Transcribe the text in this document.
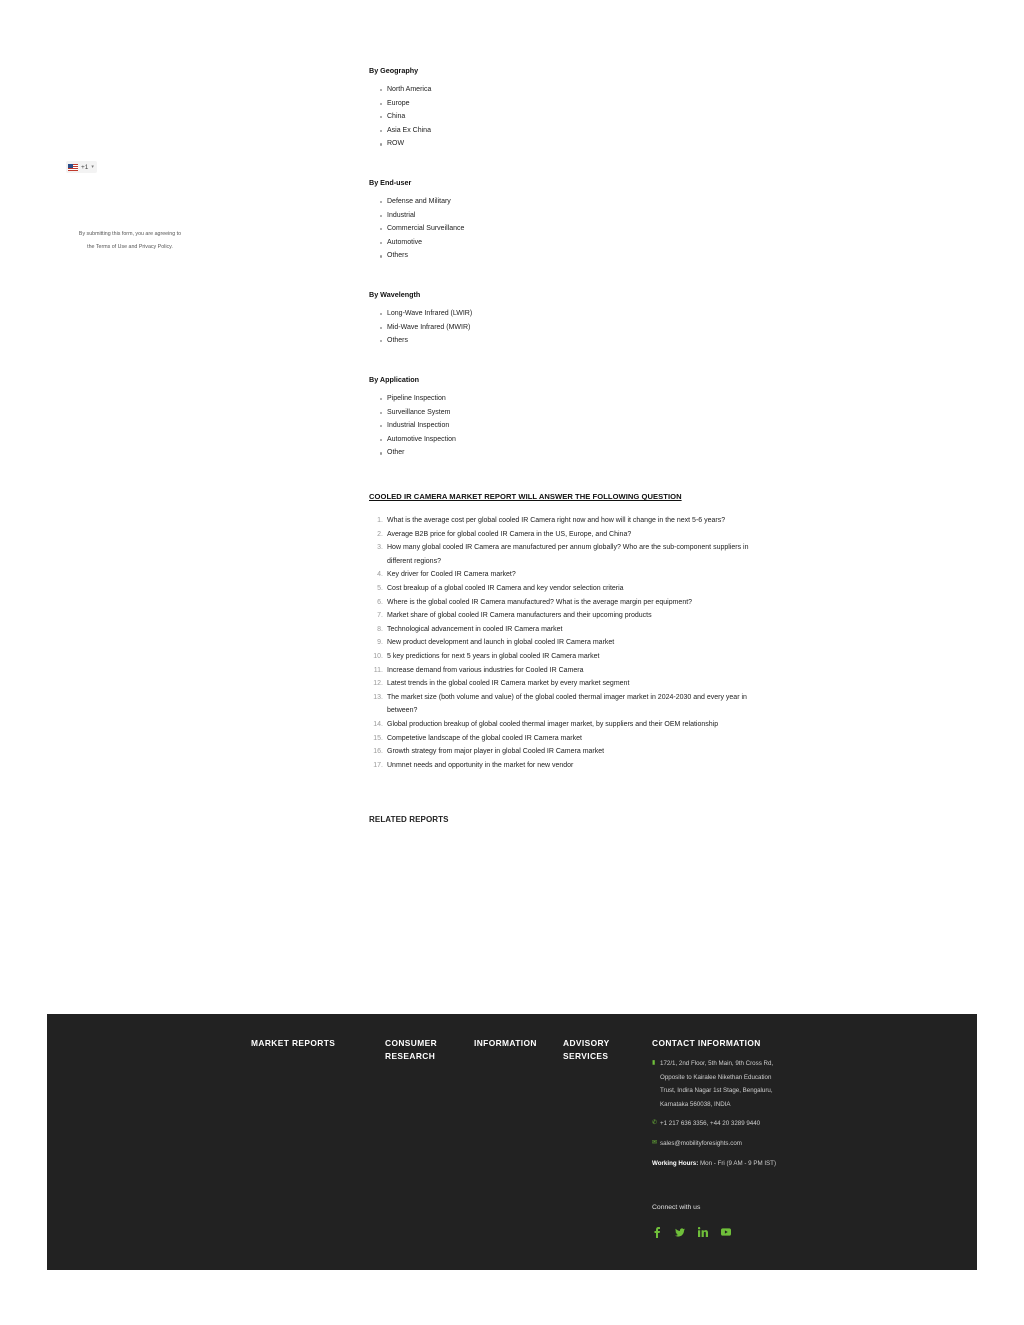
+1 ▾
By submitting this form, you are agreeing to
the Terms of Use and Privacy Policy.
By Geography
North America
Europe
China
Asia Ex China
ROW
By End-user
Defense and Military
Industrial
Commercial Surveillance
Automotive
Others
By Wavelength
Long-Wave Infrared (LWIR)
Mid-Wave Infrared (MWIR)
Others
By Application
Pipeline Inspection
Surveillance System
Industrial Inspection
Automotive Inspection
Other
COOLED IR CAMERA MARKET REPORT WILL ANSWER THE FOLLOWING QUESTION
1. What is the average cost per global cooled IR Camera right now and how will it change in the next 5-6 years?
2. Average B2B price for global cooled IR Camera in the US, Europe, and China?
3. How many global cooled IR Camera are manufactured per annum globally? Who are the sub-component suppliers in different regions?
4. Key driver for Cooled IR Camera market?
5. Cost breakup of a global cooled IR Camera and key vendor selection criteria
6. Where is the global cooled IR Camera manufactured? What is the average margin per equipment?
7. Market share of global cooled IR Camera manufacturers and their upcoming products
8. Technological advancement in cooled IR Camera market
9. New product development and launch in global cooled IR Camera market
10. 5 key predictions for next 5 years in global cooled IR Camera market
11. Increase demand from various industries for Cooled IR Camera
12. Latest trends in the global cooled IR Camera market by every market segment
13. The market size (both volume and value) of the global cooled thermal imager market in 2024-2030 and every year in between?
14. Global production breakup of global cooled thermal imager market, by suppliers and their OEM relationship
15. Competetive landscape of the global cooled IR Camera market
16. Growth strategy from major player in global Cooled IR Camera market
17. Unmnet needs and opportunity in the market for new vendor
RELATED REPORTS
MARKET REPORTS	CONSUMER RESEARCH
INFORMATION	ADVISORY SERVICES
CONTACT INFORMATION
▮ 172/1, 2nd Floor, 5th Main, 9th Cross Rd, Opposite to Kairalee Nikethan Education Trust, Indira Nagar 1st Stage, Bengaluru, Karnataka 560038, INDIA
✆ +1 217 636 3356, +44 20 3289 9440
✉ sales@mobilityforesights.com
Working Hours: Mon - Fri (9 AM - 9 PM IST)
Connect with us
